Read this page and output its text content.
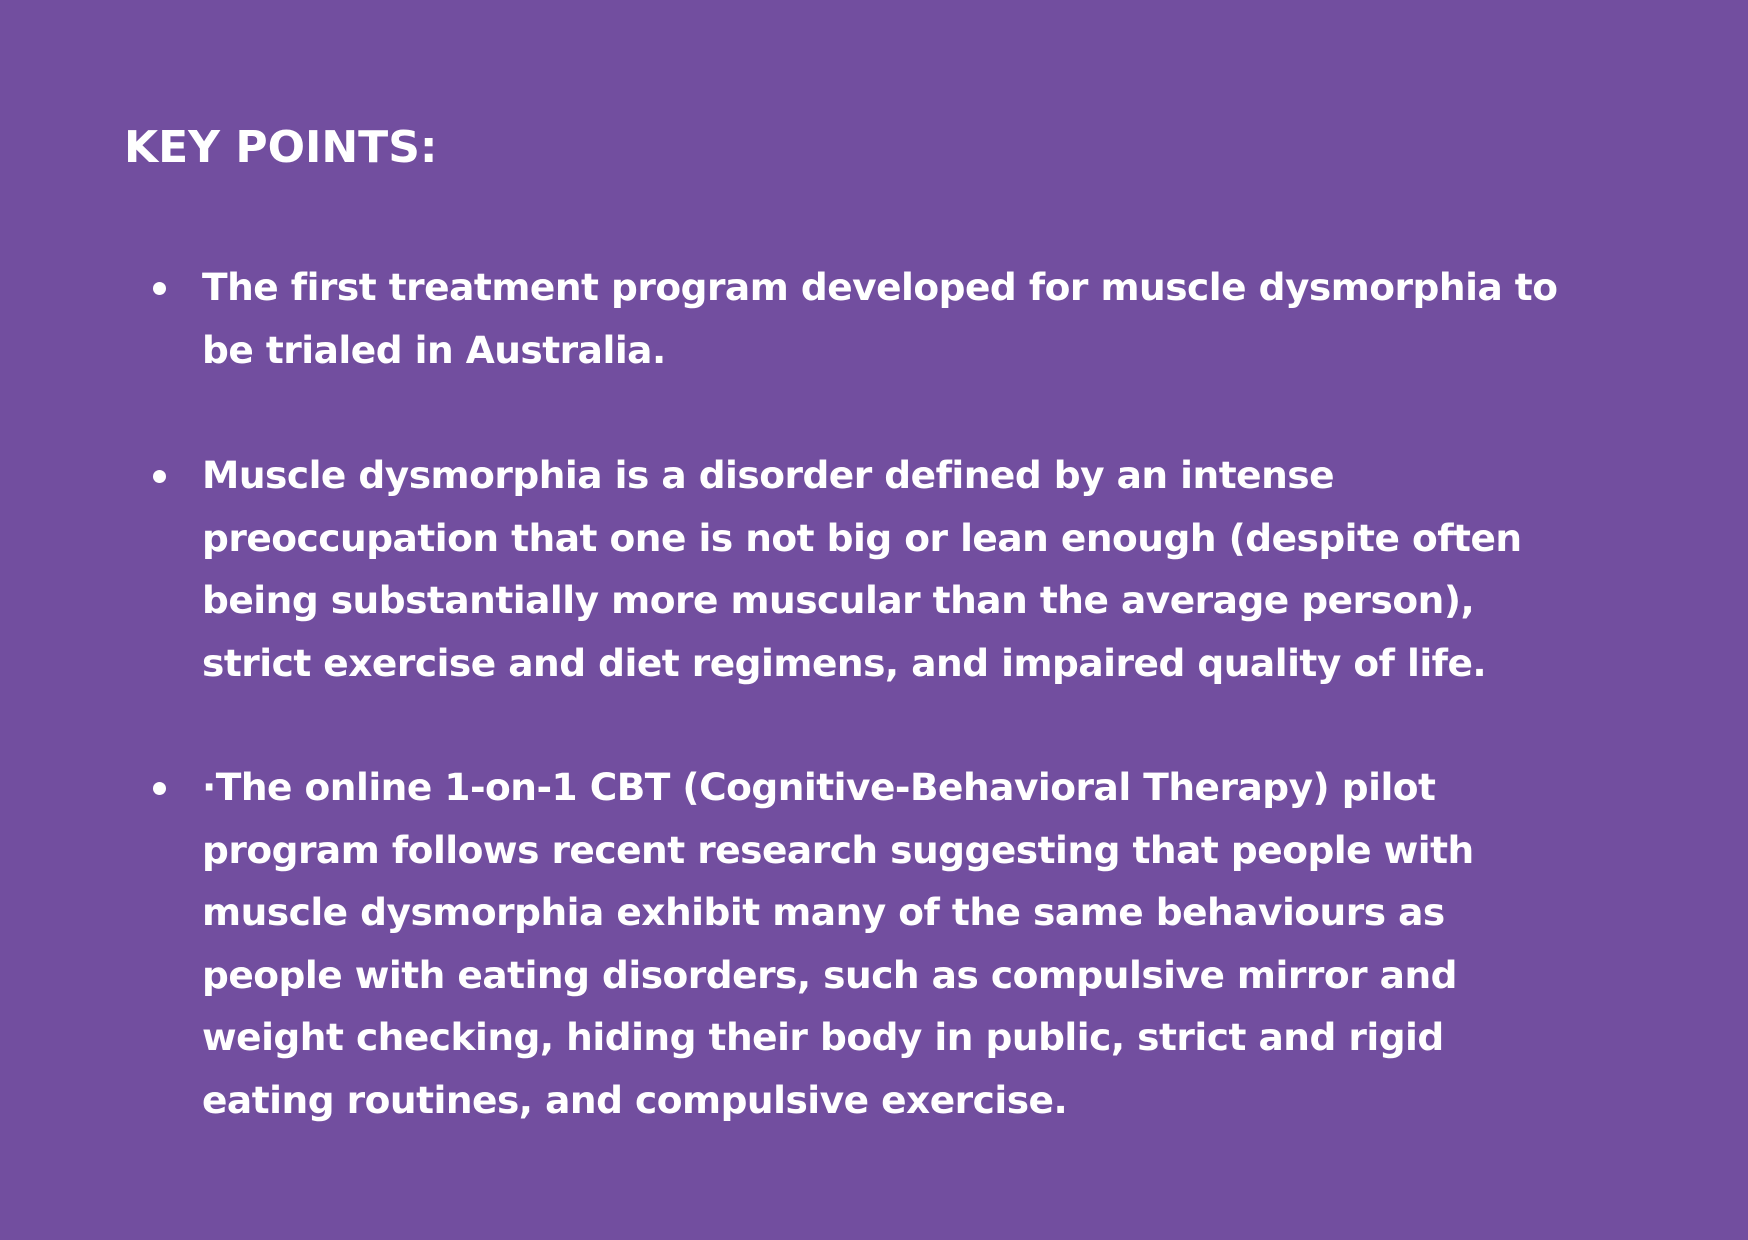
KEY POINTS:

The first treatment program developed for muscle dysmorphia to
be trialed in Australia.

Muscle dysmorphia is a disorder defined by an intense
preoccupation that one is not big or lean enough (despite often
being substantially more muscular than the average person),
strict exercise and diet regimens, and impaired quality of life.

·The online 1-on-1 CBT (Cognitive-Behavioral Therapy) pilot
program follows recent research suggesting that people with
muscle dysmorphia exhibit many of the same behaviours as
people with eating disorders, such as compulsive mirror and
weight checking, hiding their body in public, strict and rigid
eating routines, and compulsive exercise.
